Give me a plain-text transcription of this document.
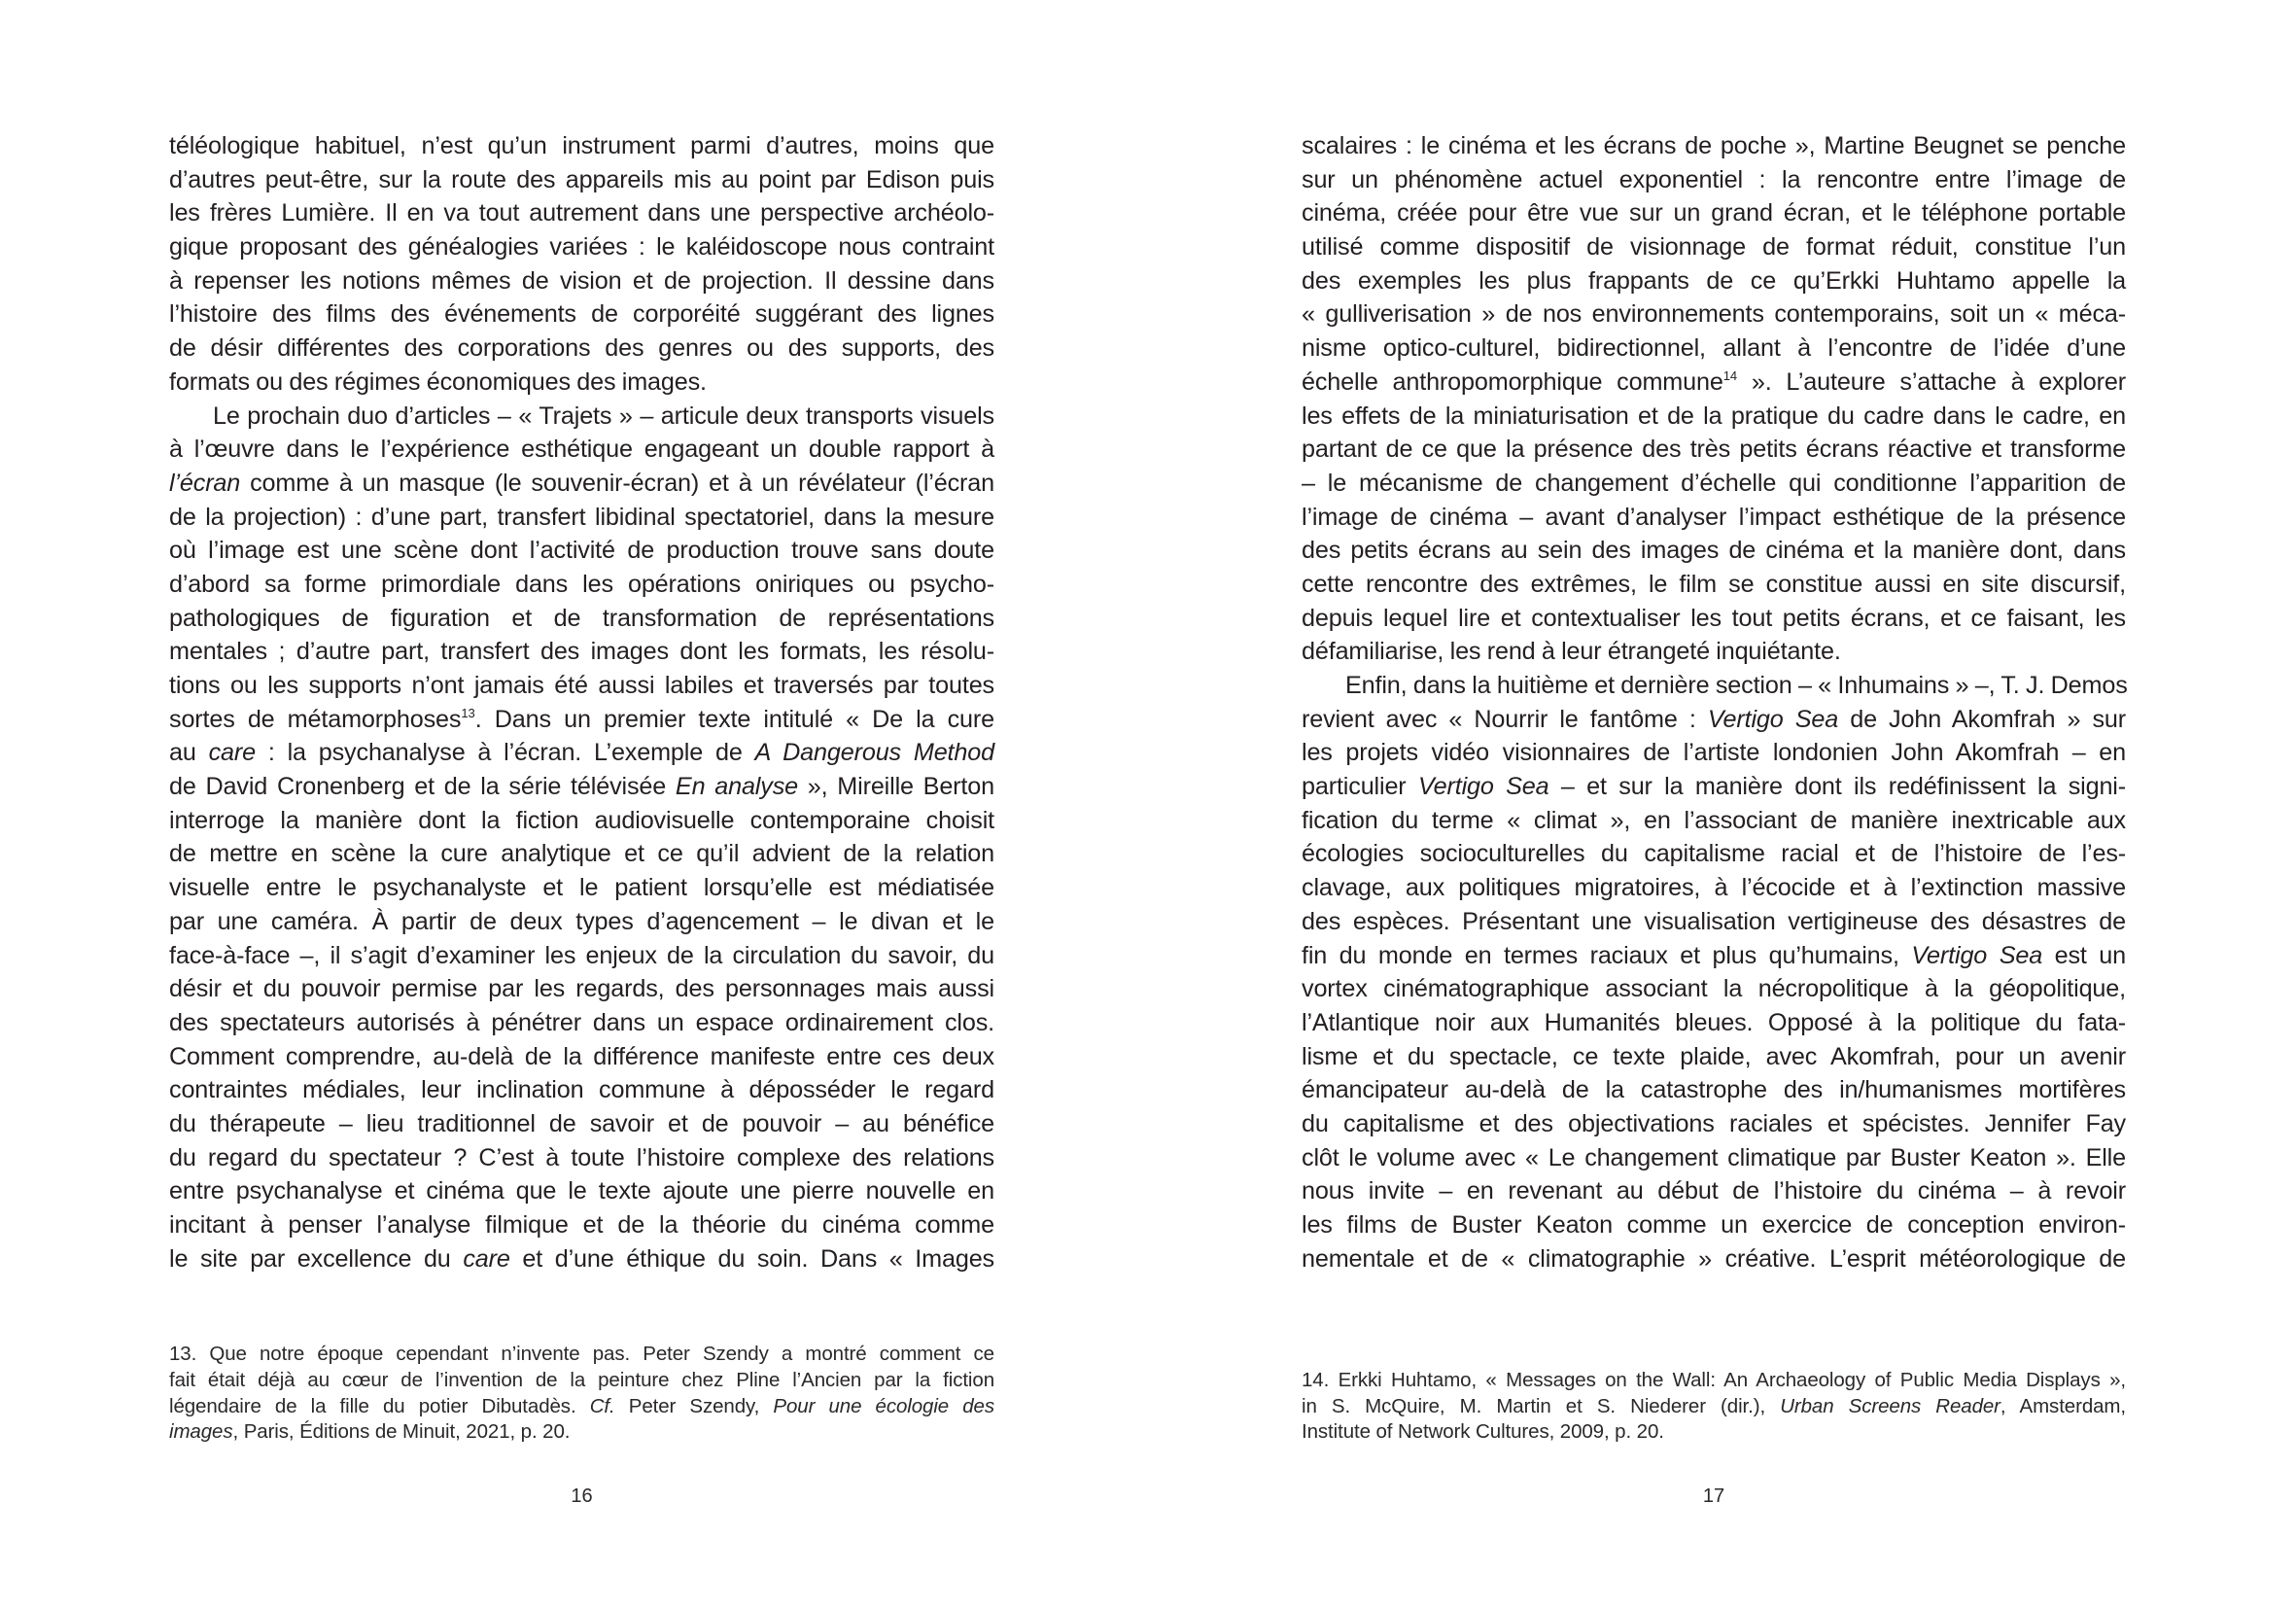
téléologique habituel, n’est qu’un instrument parmi d’autres, moins que
d’autres peut-être, sur la route des appareils mis au point par Edison puis
les frères Lumière. Il en va tout autrement dans une perspective archéolo-
gique proposant des généalogies variées : le kaléidoscope nous contraint
à repenser les notions mêmes de vision et de projection. Il dessine dans
l’histoire des films des événements de corporéité suggérant des lignes
de désir différentes des corporations des genres ou des supports, des
formats ou des régimes économiques des images.
Le prochain duo d’articles – « Trajets » – articule deux transports visuels
à l’œuvre dans le l’expérience esthétique engageant un double rapport à
l’écran comme à un masque (le souvenir-écran) et à un révélateur (l’écran
de la projection) : d’une part, transfert libidinal spectatoriel, dans la mesure
où l’image est une scène dont l’activité de production trouve sans doute
d’abord sa forme primordiale dans les opérations oniriques ou psycho-
pathologiques de figuration et de transformation de représentations
mentales ; d’autre part, transfert des images dont les formats, les résolu-
tions ou les supports n’ont jamais été aussi labiles et traversés par toutes
sortes de métamorphoses$^{13}$. Dans un premier texte intitulé « De la cure
au care : la psychanalyse à l’écran. L’exemple de A Dangerous Method
de David Cronenberg et de la série télévisée En analyse », Mireille Berton
interroge la manière dont la fiction audiovisuelle contemporaine choisit
de mettre en scène la cure analytique et ce qu’il advient de la relation
visuelle entre le psychanalyste et le patient lorsqu’elle est médiatisée
par une caméra. À partir de deux types d’agencement – le divan et le
face-à-face –, il s’agit d’examiner les enjeux de la circulation du savoir, du
désir et du pouvoir permise par les regards, des personnages mais aussi
des spectateurs autorisés à pénétrer dans un espace ordinairement clos.
Comment comprendre, au-delà de la différence manifeste entre ces deux
contraintes médiales, leur inclination commune à déposséder le regard
du thérapeute – lieu traditionnel de savoir et de pouvoir – au bénéfice
du regard du spectateur ? C’est à toute l’histoire complexe des relations
entre psychanalyse et cinéma que le texte ajoute une pierre nouvelle en
incitant à penser l’analyse filmique et de la théorie du cinéma comme
le site par excellence du care et d’une éthique du soin. Dans « Images
13. Que notre époque cependant n’invente pas. Peter Szendy a montré comment ce
fait était déjà au cœur de l’invention de la peinture chez Pline l’Ancien par la fiction
légendaire de la fille du potier Dibutadès. Cf. Peter Szendy, Pour une écologie des
images, Paris, Éditions de Minuit, 2021, p. 20.
16
scalaires : le cinéma et les écrans de poche », Martine Beugnet se penche
sur un phénomène actuel exponentiel : la rencontre entre l’image de
cinéma, créée pour être vue sur un grand écran, et le téléphone portable
utilisé comme dispositif de visionnage de format réduit, constitue l’un
des exemples les plus frappants de ce qu’Erkki Huhtamo appelle la
« gulliverisation » de nos environnements contemporains, soit un « méca-
nisme optico-culturel, bidirectionnel, allant à l’encontre de l’idée d’une
échelle anthropomorphique commune$^{14}$ ». L’auteure s’attache à explorer
les effets de la miniaturisation et de la pratique du cadre dans le cadre, en
partant de ce que la présence des très petits écrans réactive et transforme
– le mécanisme de changement d’échelle qui conditionne l’apparition de
l’image de cinéma – avant d’analyser l’impact esthétique de la présence
des petits écrans au sein des images de cinéma et la manière dont, dans
cette rencontre des extrêmes, le film se constitue aussi en site discursif,
depuis lequel lire et contextualiser les tout petits écrans, et ce faisant, les
défamiliarise, les rend à leur étrangeté inquiétante.
Enfin, dans la huitième et dernière section – « Inhumains » –, T. J. Demos
revient avec « Nourrir le fantôme : Vertigo Sea de John Akomfrah » sur
les projets vidéo visionnaires de l’artiste londonien John Akomfrah – en
particulier Vertigo Sea – et sur la manière dont ils redéfinissent la signi-
fication du terme « climat », en l’associant de manière inextricable aux
écologies socioculturelles du capitalisme racial et de l’histoire de l’es-
clavage, aux politiques migratoires, à l’écocide et à l’extinction massive
des espèces. Présentant une visualisation vertigineuse des désastres de
fin du monde en termes raciaux et plus qu’humains, Vertigo Sea est un
vortex cinématographique associant la nécropolitique à la géopolitique,
l’Atlantique noir aux Humanités bleues. Opposé à la politique du fata-
lisme et du spectacle, ce texte plaide, avec Akomfrah, pour un avenir
émancipateur au-delà de la catastrophe des in/humanismes mortifères
du capitalisme et des objectivations raciales et spécistes. Jennifer Fay
clôt le volume avec « Le changement climatique par Buster Keaton ». Elle
nous invite – en revenant au début de l’histoire du cinéma – à revoir
les films de Buster Keaton comme un exercice de conception environ-
nementale et de « climatographie » créative. L’esprit météorologique de
14. Erkki Huhtamo, « Messages on the Wall: An Archaeology of Public Media Displays »,
in S. McQuire, M. Martin et S. Niederer (dir.), Urban Screens Reader, Amsterdam,
Institute of Network Cultures, 2009, p. 20.
17
